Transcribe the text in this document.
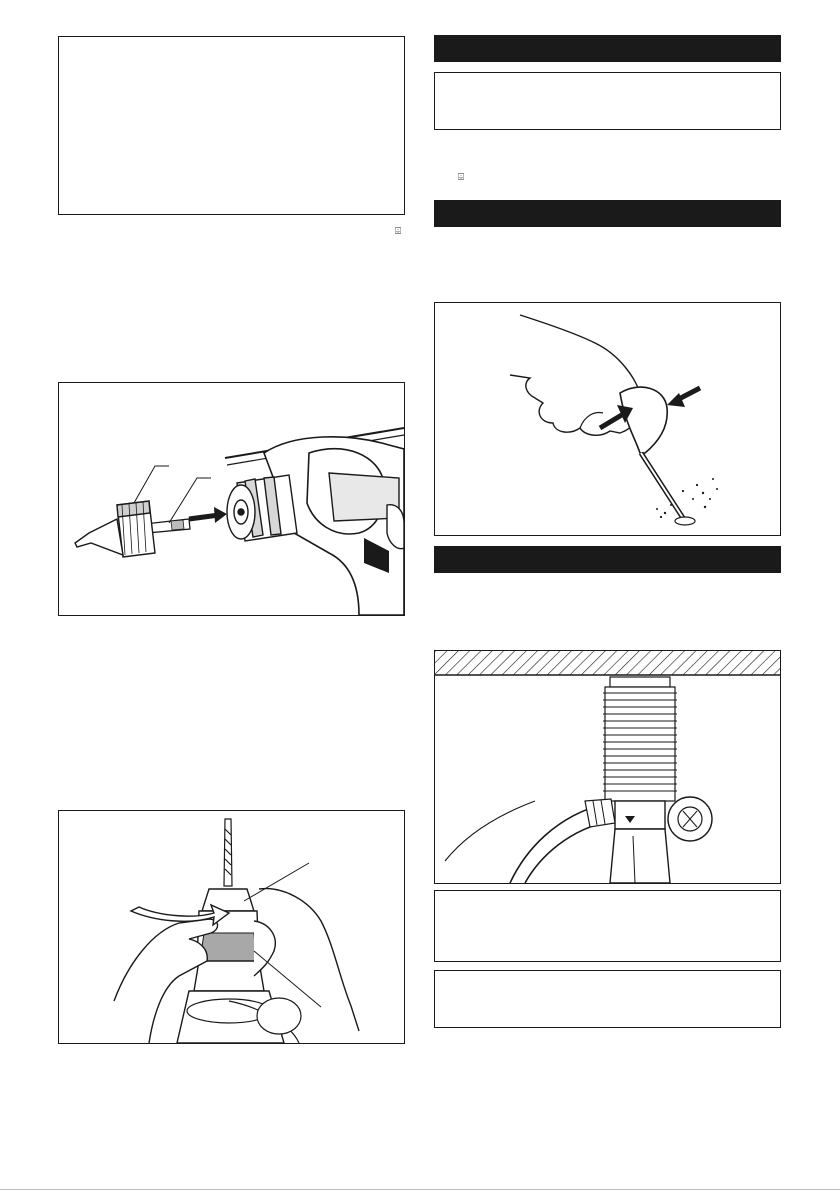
⌹
⌹
